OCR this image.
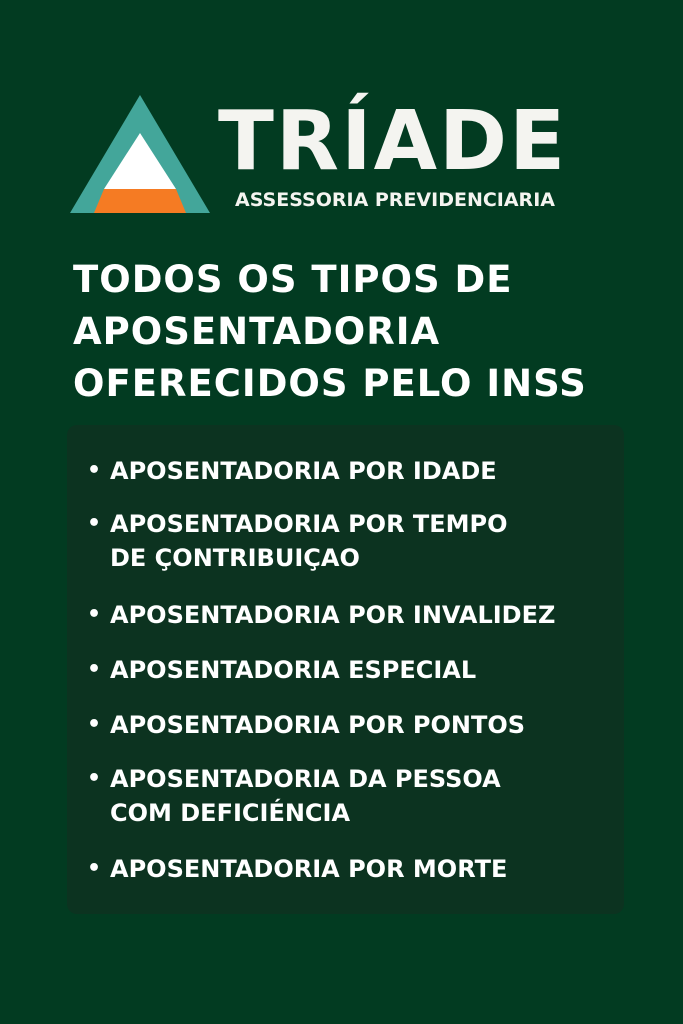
TRÍADE
ASSESSORIA PREVIDENCIARIA
TODOS OS TIPOS DE
APOSENTADORIA
OFERECIDOS PELO INSS
• APOSENTADORIA POR IDADE
• APOSENTADORIA POR TEMPO
DE ÇONTRIBUIÇAO
• APOSENTADORIA POR INVALIDEZ
• APOSENTADORIA ESPECIAL
• APOSENTADORIA POR PONTOS
• APOSENTADORIA DA PESSOA
COM DEFICIÉNCIA
• APOSENTADORIA POR MORTE
